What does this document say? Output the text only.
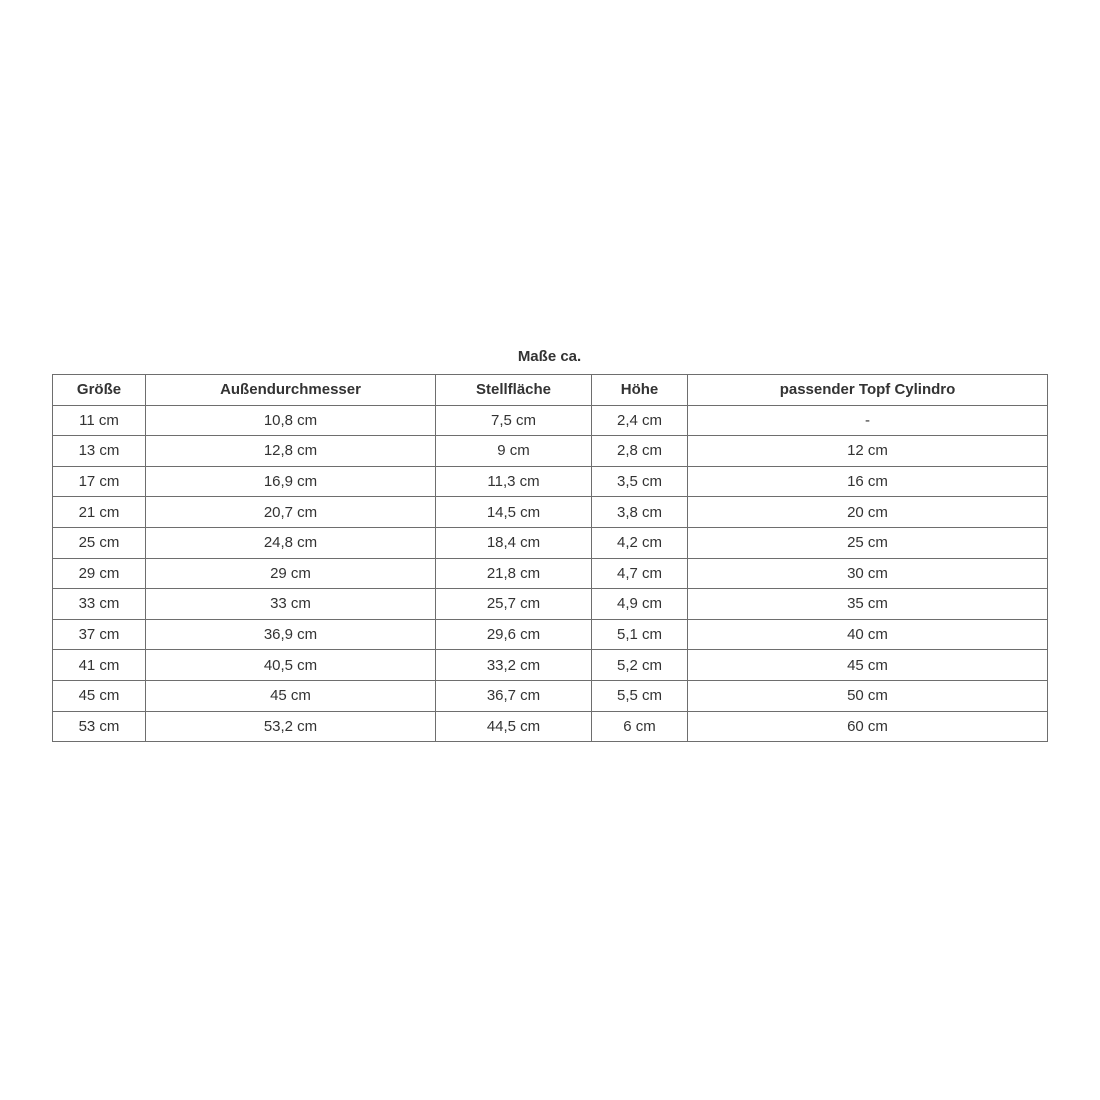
Maße ca.
Größe	Außendurchmesser	Stellfläche	Höhe	passender Topf Cylindro
11 cm	10,8 cm	7,5 cm	2,4 cm	-
13 cm	12,8 cm	9 cm	2,8 cm	12 cm
17 cm	16,9 cm	11,3 cm	3,5 cm	16 cm
21 cm	20,7 cm	14,5 cm	3,8 cm	20 cm
25 cm	24,8 cm	18,4 cm	4,2 cm	25 cm
29 cm	29 cm	21,8 cm	4,7 cm	30 cm
33 cm	33 cm	25,7 cm	4,9 cm	35 cm
37 cm	36,9 cm	29,6 cm	5,1 cm	40 cm
41 cm	40,5 cm	33,2 cm	5,2 cm	45 cm
45 cm	45 cm	36,7 cm	5,5 cm	50 cm
53 cm	53,2 cm	44,5 cm	6 cm	60 cm
